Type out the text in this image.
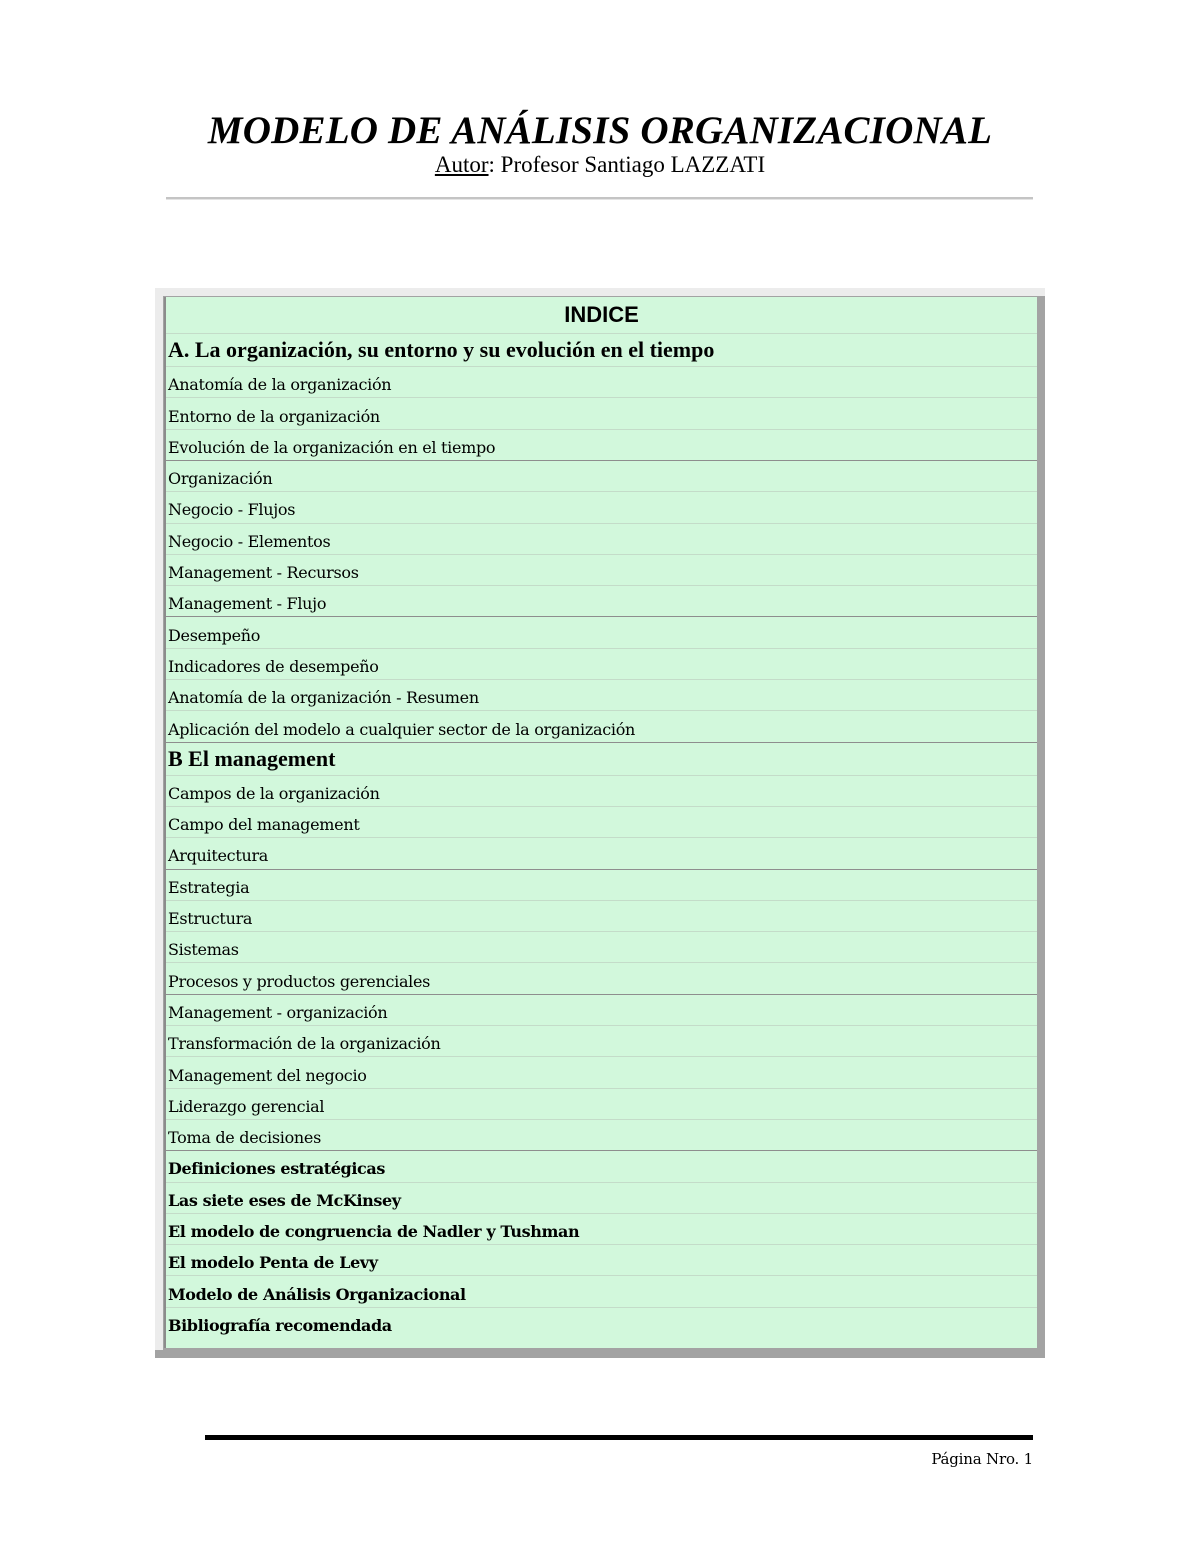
MODELO DE ANÁLISIS ORGANIZACIONAL
Autor: Profesor Santiago LAZZATI
INDICE
A. La organización, su entorno y su evolución en el tiempo
Anatomía de la organización
Entorno de la organización
Evolución de la organización en el tiempo
Organización
Negocio - Flujos
Negocio - Elementos
Management - Recursos
Management - Flujo
Desempeño
Indicadores de desempeño
Anatomía de la organización - Resumen
Aplicación del modelo a cualquier sector de la organización
B El management
Campos de la organización
Campo del management
Arquitectura
Estrategia
Estructura
Sistemas
Procesos y productos gerenciales
Management - organización
Transformación de la organización
Management del negocio
Liderazgo gerencial
Toma de decisiones
Definiciones estratégicas
Las siete eses de McKinsey
El modelo de congruencia de Nadler y Tushman
El modelo Penta de Levy
Modelo de Análisis Organizacional
Bibliografía recomendada
Página Nro. 1
